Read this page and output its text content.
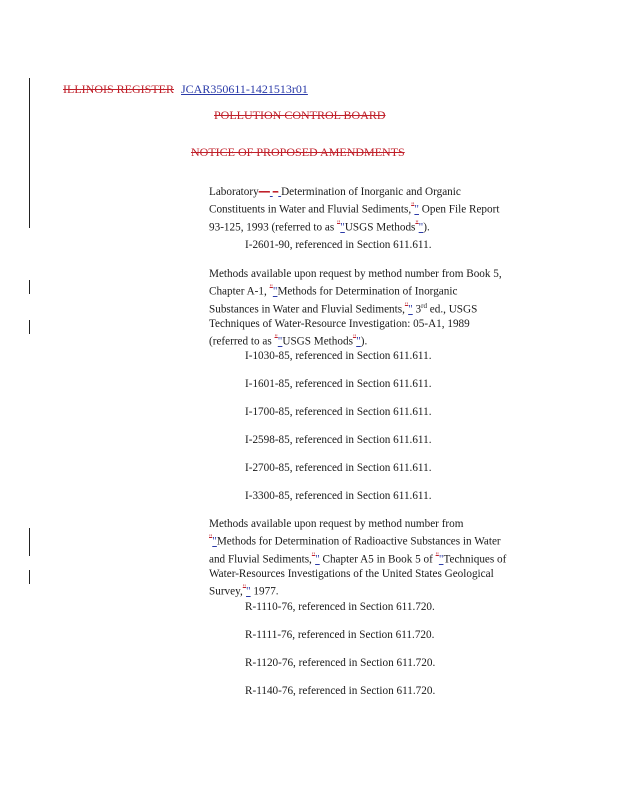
ILLINOIS REGISTER JCAR350611-1421513r01
POLLUTION CONTROL BOARD
NOTICE OF PROPOSED AMENDMENTS
Laboratory— – Determination of Inorganic and Organic
Constituents in Water and Fluvial Sediments,"" Open File Report
93-125, 1993 (referred to as ""USGS Methods"").
I-2601-90, referenced in Section 611.611.
Methods available upon request by method number from Book 5,
Chapter A-1, ""Methods for Determination of Inorganic
Substances in Water and Fluvial Sediments,"" 3rd ed., USGS
Techniques of Water-Resource Investigation: 05-A1, 1989
(referred to as ""USGS Methods"").
I-1030-85, referenced in Section 611.611.
I-1601-85, referenced in Section 611.611.
I-1700-85, referenced in Section 611.611.
I-2598-85, referenced in Section 611.611.
I-2700-85, referenced in Section 611.611.
I-3300-85, referenced in Section 611.611.
Methods available upon request by method number from
""Methods for Determination of Radioactive Substances in Water
and Fluvial Sediments,"" Chapter A5 in Book 5 of ""Techniques of
Water-Resources Investigations of the United States Geological
Survey,"" 1977.
R-1110-76, referenced in Section 611.720.
R-1111-76, referenced in Section 611.720.
R-1120-76, referenced in Section 611.720.
R-1140-76, referenced in Section 611.720.
